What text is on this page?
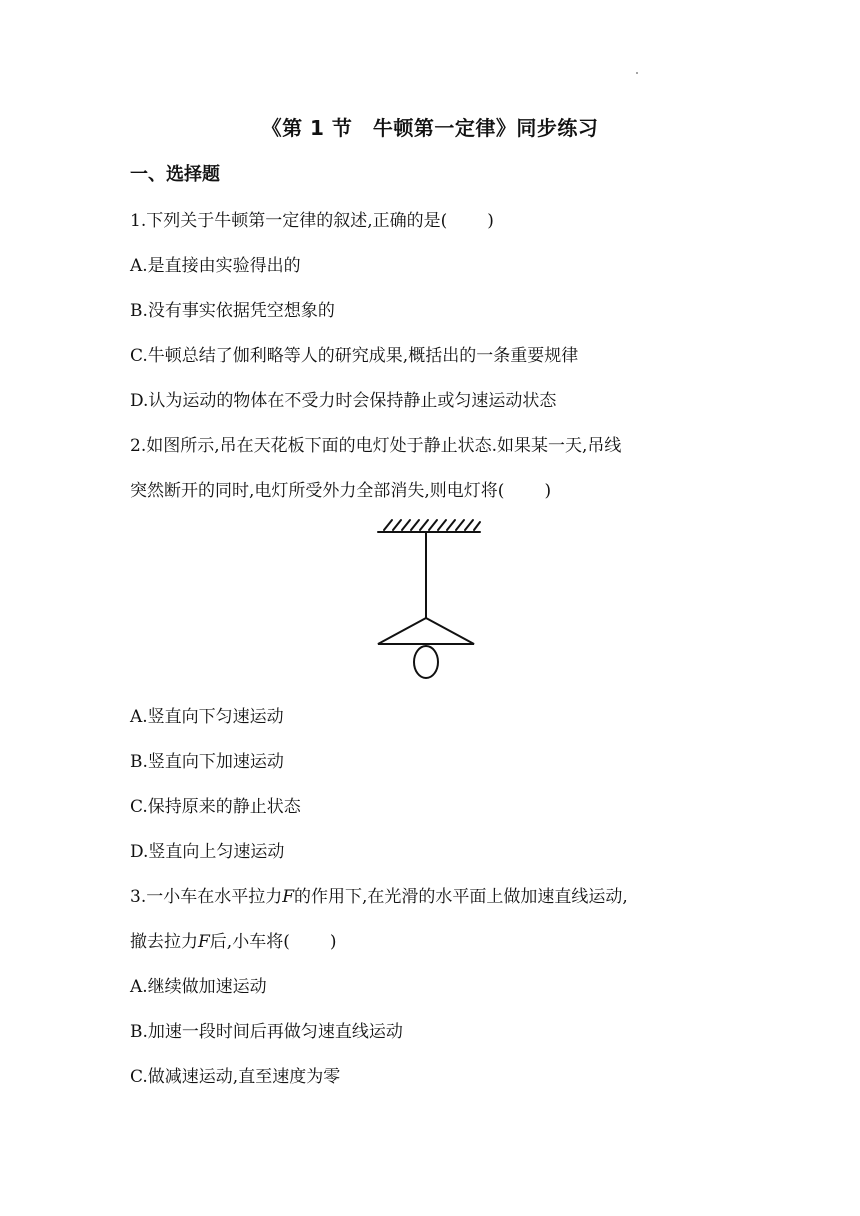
《第 1 节　牛顿第一定律》同步练习
一、选择题
1.下列关于牛顿第一定律的叙述,正确的是( )
A.是直接由实验得出的
B.没有事实依据凭空想象的
C.牛顿总结了伽利略等人的研究成果,概括出的一条重要规律
D.认为运动的物体在不受力时会保持静止或匀速运动状态
2.如图所示,吊在天花板下面的电灯处于静止状态.如果某一天,吊线
突然断开的同时,电灯所受外力全部消失,则电灯将( )
A.竖直向下匀速运动
B.竖直向下加速运动
C.保持原来的静止状态
D.竖直向上匀速运动
3.一小车在水平拉力F的作用下,在光滑的水平面上做加速直线运动,
撤去拉力F后,小车将( )
A.继续做加速运动
B.加速一段时间后再做匀速直线运动
C.做减速运动,直至速度为零
